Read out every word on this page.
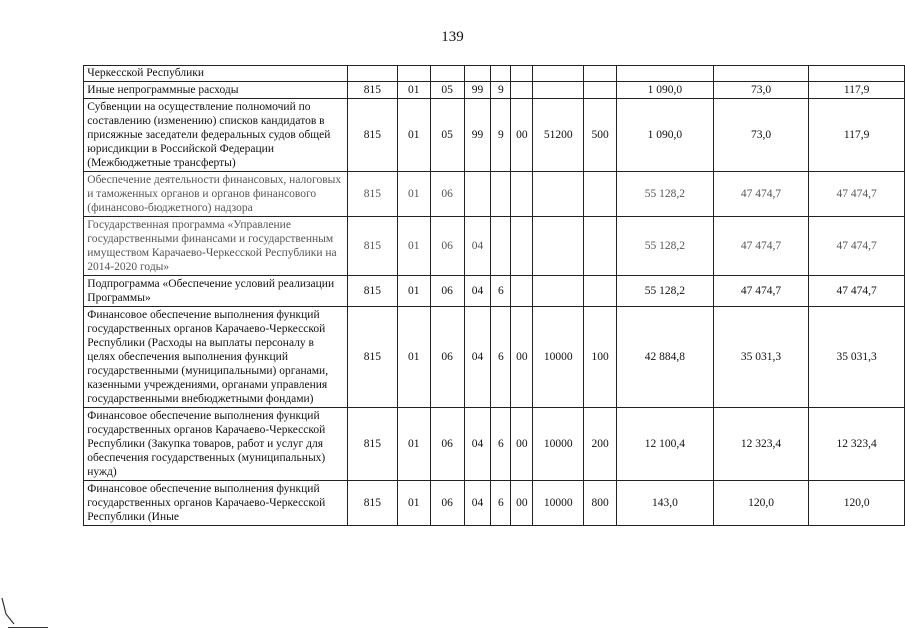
139
	Черкесской Республики											
	Иные непрограммные расходы	815	01	05	99	9				1 090,0	73,0	117,9
	Субвенции на осуществление полномочий по составлению (изменению) списков кандидатов в присяжные заседатели федеральных судов общей юрисдикции в Российской Федерации (Межбюджетные трансферты)	815	01	05	99	9	00	51200	500	1 090,0	73,0	117,9
	Обеспечение деятельности финансовых, налоговых и таможенных органов и органов финансового (финансово-бюджетного) надзора	815	01	06						55 128,2	47 474,7	47 474,7
	Государственная программа «Управление государственными финансами и государственным имуществом Карачаево-Черкесской Республики на 2014-2020 годы»	815	01	06	04					55 128,2	47 474,7	47 474,7
	Подпрограмма «Обеспечение условий реализации Программы»	815	01	06	04	6				55 128,2	47 474,7	47 474,7
	Финансовое обеспечение выполнения функций государственных органов Карачаево-Черкесской Республики (Расходы на выплаты персоналу в целях обеспечения выполнения функций государственными (муниципальными) органами, казенными учреждениями, органами управления государственными внебюджетными фондами)	815	01	06	04	6	00	10000	100	42 884,8	35 031,3	35 031,3
	Финансовое обеспечение выполнения функций государственных органов Карачаево-Черкесской Республики (Закупка товаров, работ и услуг для обеспечения государственных (муниципальных) нужд)	815	01	06	04	6	00	10000	200	12 100,4	12 323,4	12 323,4
	Финансовое обеспечение выполнения функций государственных органов Карачаево-Черкесской Республики (Иные	815	01	06	04	6	00	10000	800	143,0	120,0	120,0
